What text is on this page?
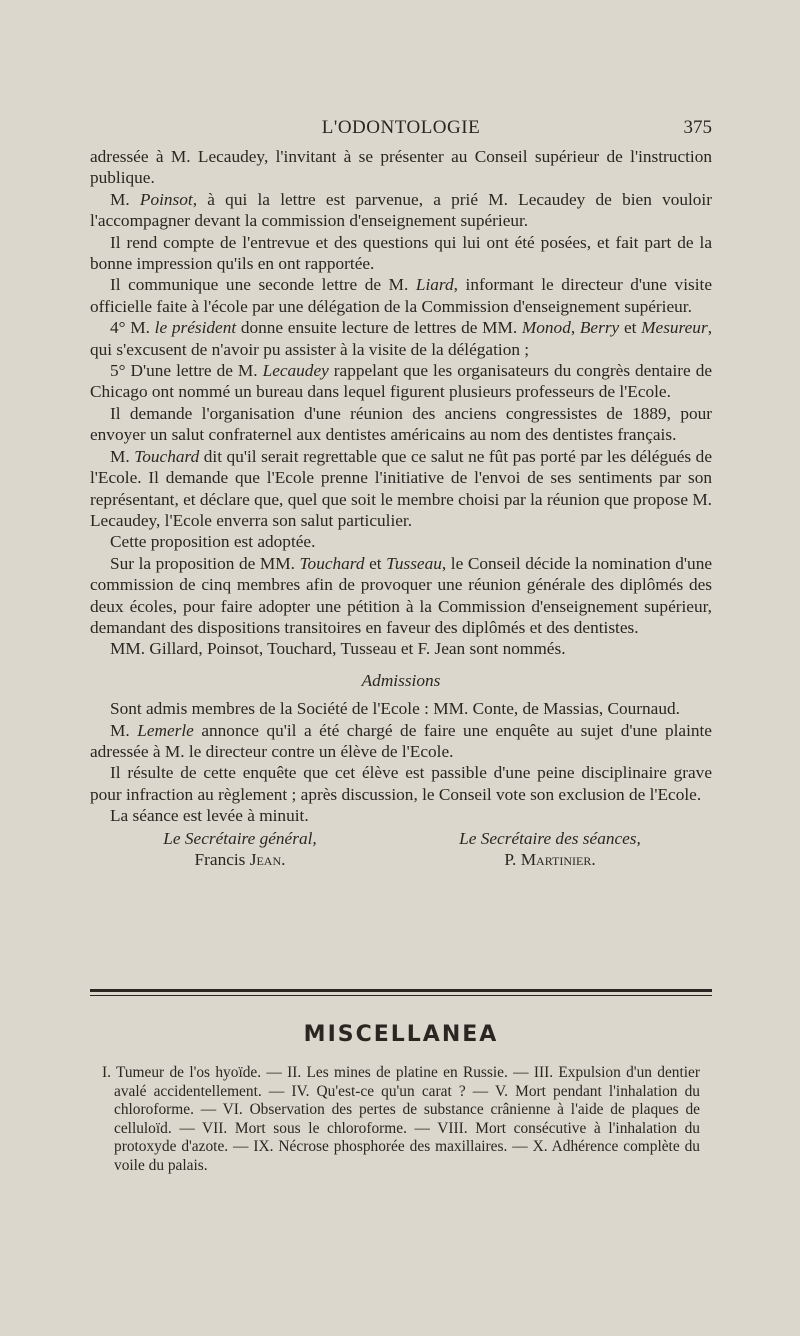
L'ODONTOLOGIE	375

adressée à M. Lecaudey, l'invitant à se présenter au Conseil supérieur de l'instruction publique.

M. Poinsot, à qui la lettre est parvenue, a prié M. Lecaudey de bien vouloir l'accompagner devant la commission d'enseignement supérieur.

Il rend compte de l'entrevue et des questions qui lui ont été posées, et fait part de la bonne impression qu'ils en ont rapportée.

Il communique une seconde lettre de M. Liard, informant le directeur d'une visite officielle faite à l'école par une délégation de la Commission d'enseignement supérieur.

4° M. le président donne ensuite lecture de lettres de MM. Monod, Berry et Mesureur, qui s'excusent de n'avoir pu assister à la visite de la délégation ;

5° D'une lettre de M. Lecaudey rappelant que les organisateurs du congrès dentaire de Chicago ont nommé un bureau dans lequel figurent plusieurs professeurs de l'Ecole.

Il demande l'organisation d'une réunion des anciens congressistes de 1889, pour envoyer un salut confraternel aux dentistes américains au nom des dentistes français.

M. Touchard dit qu'il serait regrettable que ce salut ne fût pas porté par les délégués de l'Ecole. Il demande que l'Ecole prenne l'initiative de l'envoi de ses sentiments par son représentant, et déclare que, quel que soit le membre choisi par la réunion que propose M. Lecaudey, l'Ecole enverra son salut particulier.

Cette proposition est adoptée.

Sur la proposition de MM. Touchard et Tusseau, le Conseil décide la nomination d'une commission de cinq membres afin de provoquer une réunion générale des diplômés des deux écoles, pour faire adopter une pétition à la Commission d'enseignement supérieur, demandant des dispositions transitoires en faveur des diplômés et des dentistes.

MM. Gillard, Poinsot, Touchard, Tusseau et F. Jean sont nommés.

Admissions

Sont admis membres de la Société de l'Ecole : MM. Conte, de Massias, Cournaud.

M. Lemerle annonce qu'il a été chargé de faire une enquête au sujet d'une plainte adressée à M. le directeur contre un élève de l'Ecole.

Il résulte de cette enquête que cet élève est passible d'une peine disciplinaire grave pour infraction au règlement ; après discussion, le Conseil vote son exclusion de l'Ecole.

La séance est levée à minuit.

Le Secrétaire général,
Francis Jean.
Le Secrétaire des séances,
P. Martinier.
MISCELLANEA

I. Tumeur de l'os hyoïde. — II. Les mines de platine en Russie. — III. Expulsion d'un dentier avalé accidentellement. — IV. Qu'est-ce qu'un carat ? — V. Mort pendant l'inhalation du chloroforme. — VI. Observation des pertes de substance crânienne à l'aide de plaques de celluloïd. — VII. Mort sous le chloroforme. — VIII. Mort consécutive à l'inhalation du protoxyde d'azote. — IX. Nécrose phosphorée des maxillaires. — X. Adhérence complète du voile du palais.
